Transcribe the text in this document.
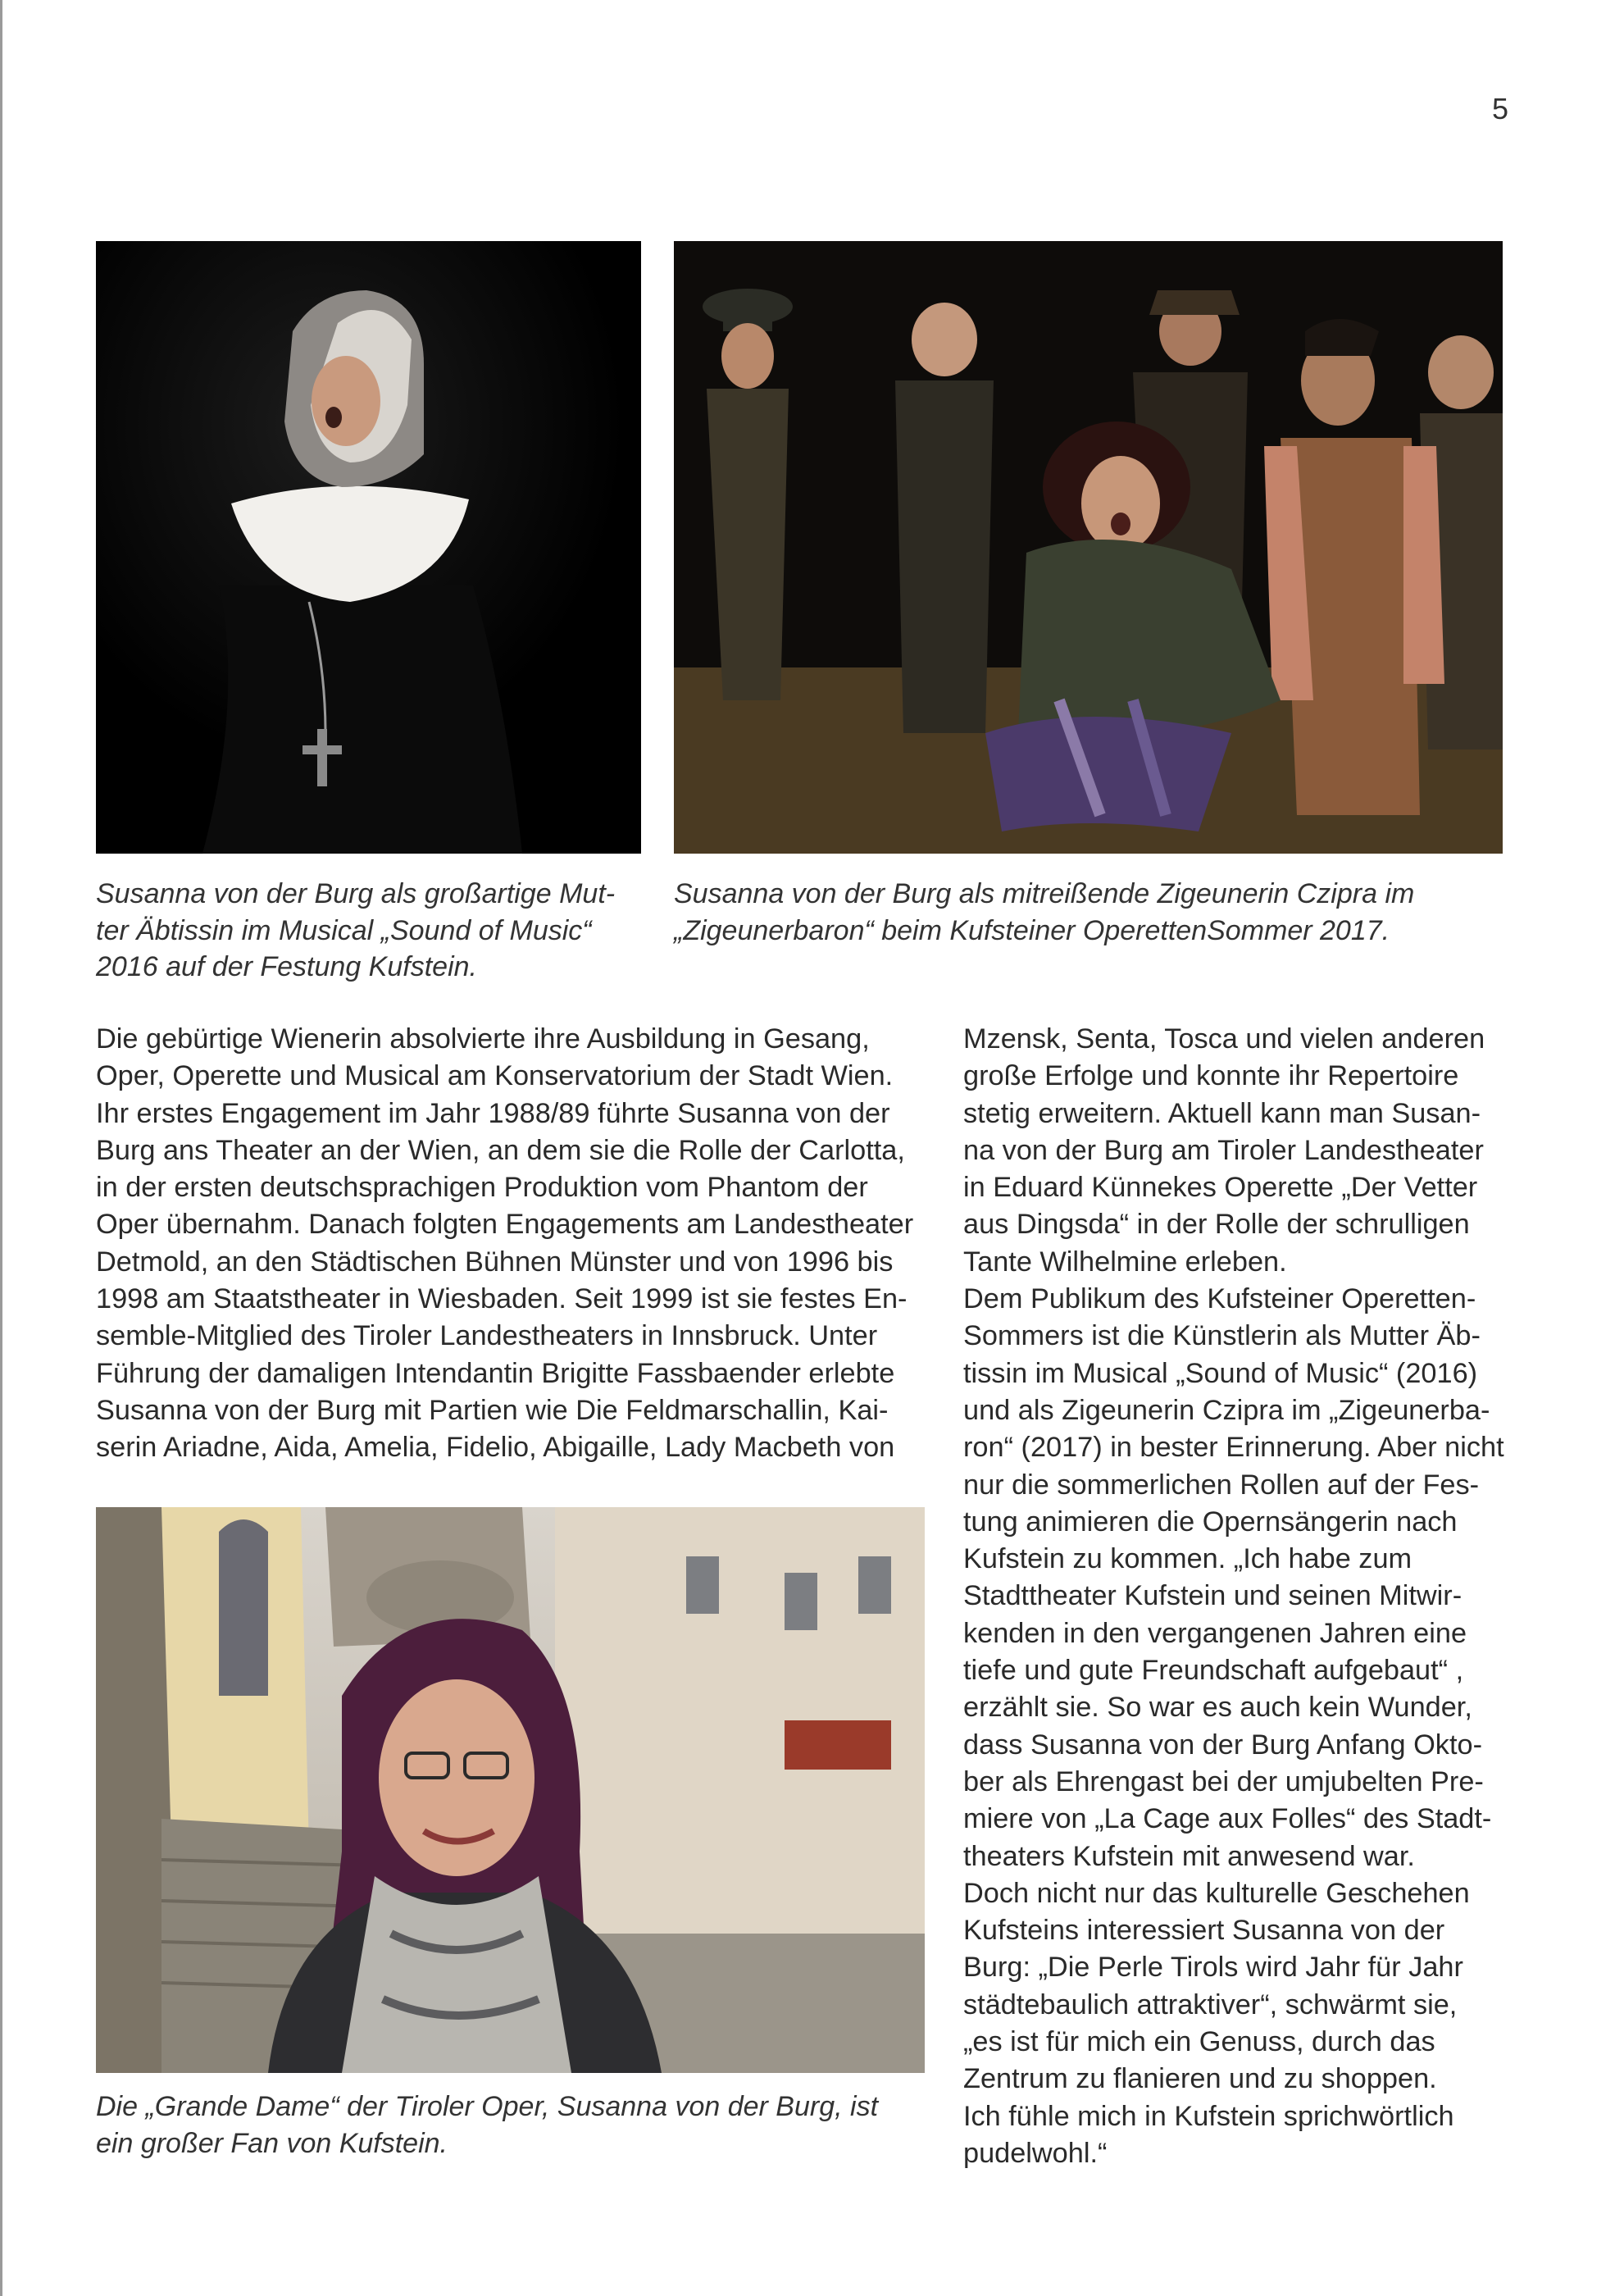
5
Susanna von der Burg als großartige Mut-
ter Äbtissin im Musical „Sound of Music“
2016 auf der Festung Kufstein.
Susanna von der Burg als mitreißende Zigeunerin Czipra im
„Zigeunerbaron“ beim Kufsteiner OperettenSommer 2017.
Die gebürtige Wienerin absolvierte ihre Ausbildung in Gesang,
Oper, Operette und Musical am Konservatorium der Stadt Wien.
Ihr erstes Engagement im Jahr 1988/89 führte Susanna von der
Burg ans Theater an der Wien, an dem sie die Rolle der Carlotta,
in der ersten deutschsprachigen Produktion vom Phantom der
Oper übernahm. Danach folgten Engagements am Landestheater
Detmold, an den Städtischen Bühnen Münster und von 1996 bis
1998 am Staatstheater in Wiesbaden. Seit 1999 ist sie festes En-
semble-Mitglied des Tiroler Landestheaters in Innsbruck. Unter
Führung der damaligen Intendantin Brigitte Fassbaender erlebte
Susanna von der Burg mit Partien wie Die Feldmarschallin, Kai-
serin Ariadne, Aida, Amelia, Fidelio, Abigaille, Lady Macbeth von
Die „Grande Dame“ der Tiroler Oper, Susanna von der Burg, ist
ein großer Fan von Kufstein.
Mzensk, Senta, Tosca und vielen anderen
große Erfolge und konnte ihr Repertoire
stetig erweitern. Aktuell kann man Susan-
na von der Burg am Tiroler Landestheater
in Eduard Künnekes Operette „Der Vetter
aus Dingsda“ in der Rolle der schrulligen
Tante Wilhelmine erleben.
Dem Publikum des Kufsteiner Operetten-
Sommers ist die Künstlerin als Mutter Äb-
tissin im Musical „Sound of Music“ (2016)
und als Zigeunerin Czipra im „Zigeunerba-
ron“ (2017) in bester Erinnerung. Aber nicht
nur die sommerlichen Rollen auf der Fes-
tung animieren die Opernsängerin nach
Kufstein zu kommen. „Ich habe zum
Stadttheater Kufstein und seinen Mitwir-
kenden in den vergangenen Jahren eine
tiefe und gute Freundschaft aufgebaut“ ,
erzählt sie. So war es auch kein Wunder,
dass Susanna von der Burg Anfang Okto-
ber als Ehrengast bei der umjubelten Pre-
miere von „La Cage aux Folles“ des Stadt-
theaters Kufstein mit anwesend war.
Doch nicht nur das kulturelle Geschehen
Kufsteins interessiert Susanna von der
Burg: „Die Perle Tirols wird Jahr für Jahr
städtebaulich attraktiver“, schwärmt sie,
„es ist für mich ein Genuss, durch das
Zentrum zu flanieren und zu shoppen.
Ich fühle mich in Kufstein sprichwörtlich
pudelwohl.“
